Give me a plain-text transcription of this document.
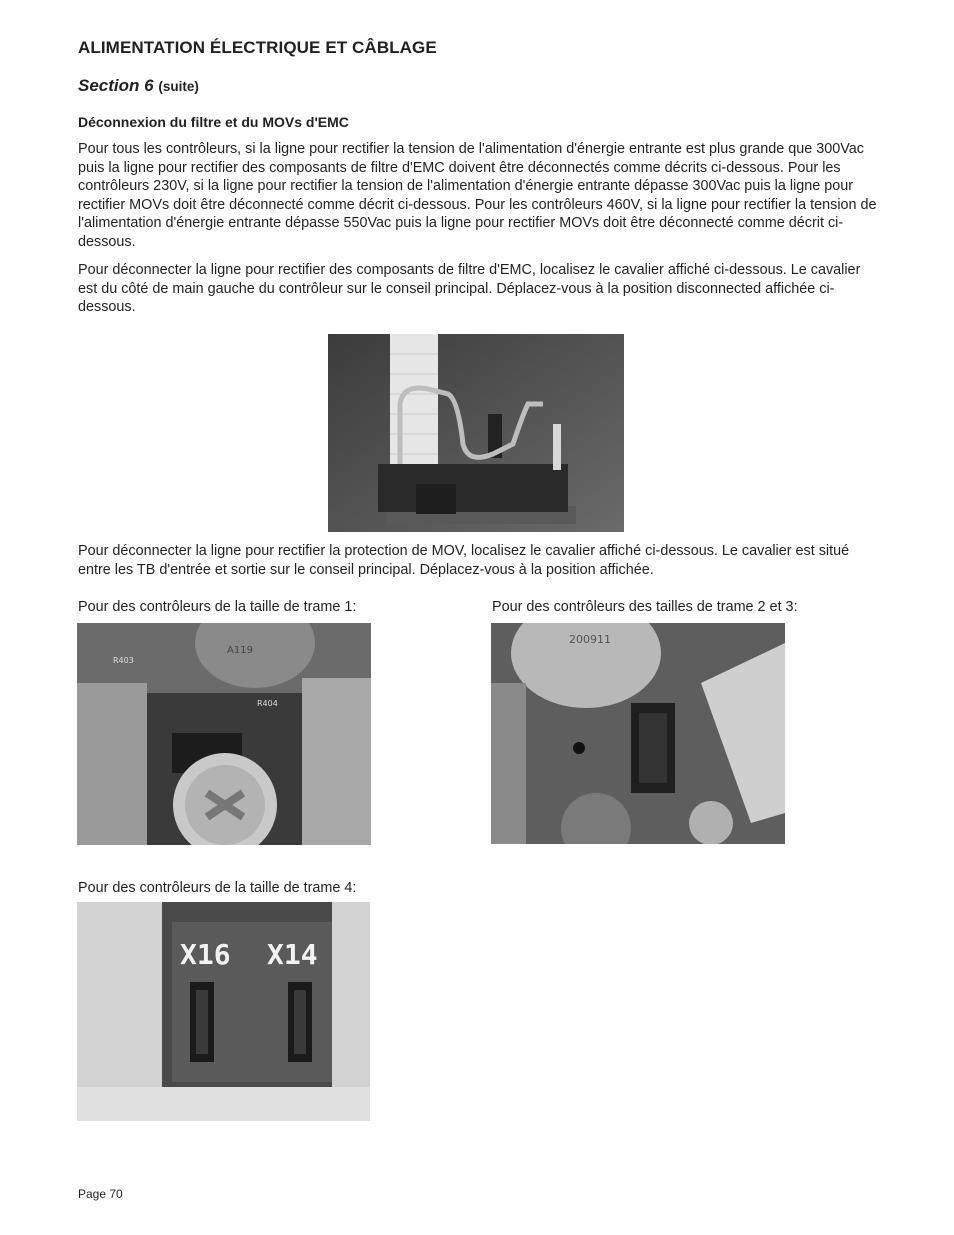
ALIMENTATION ÉLECTRIQUE ET CÂBLAGE
Section 6 (suite)
Déconnexion du filtre et du MOVs d'EMC

Pour tous les contrôleurs, si la ligne pour rectifier la tension de l'alimentation d'énergie entrante est plus grande que 300Vac puis la ligne pour rectifier des composants de filtre d'EMC doivent être déconnectés comme décrits ci-dessous. Pour les contrôleurs 230V, si la ligne pour rectifier la tension de l'alimentation d'énergie entrante dépasse 300Vac puis la ligne pour rectifier MOVs doit être déconnecté comme décrit ci-dessous. Pour les contrôleurs 460V, si la ligne pour rectifier la tension de l'alimentation d'énergie entrante dépasse 550Vac puis la ligne pour rectifier MOVs doit être déconnecté comme décrit ci-dessous.

Pour déconnecter la ligne pour rectifier des composants de filtre d'EMC, localisez le cavalier affiché ci-dessous. Le cavalier est du côté de main gauche du contrôleur sur le conseil principal. Déplacez-vous à la position disconnected affichée ci-dessous.

Pour déconnecter la ligne pour rectifier la protection de MOV, localisez le cavalier affiché ci-dessous. Le cavalier est situé entre les TB d'entrée et sortie sur le conseil principal. Déplacez-vous à la position affichée.

Pour des contrôleurs de la taille de trame 1:	Pour des contrôleurs des tailles de trame 2 et 3:
A119
R403
R404
200911
Pour des contrôleurs de la taille de trame 4:
X16 X14
Page 70
